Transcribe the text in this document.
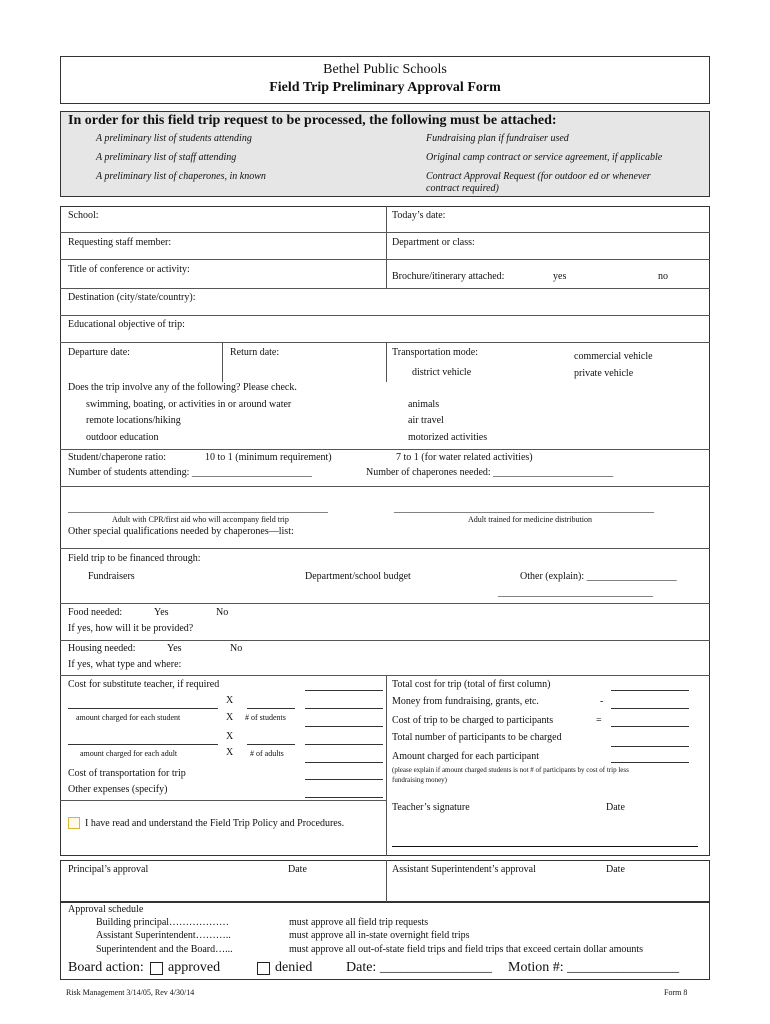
Bethel Public Schools
Field Trip Preliminary Approval Form
In order for this field trip request to be processed, the following must be attached:
A preliminary list of students attending
A preliminary list of staff attending
A preliminary list of chaperones, in known
Fundraising plan if fundraiser used
Original camp contract or service agreement, if applicable
Contract Approval Request (for outdoor ed or whenever
contract required)
School:	Today’s date:
Requesting staff member:	Department or class:
Title of conference or activity:
Brochure/itinerary attached:	yes	no
Destination (city/state/country):
Educational objective of trip:
Departure date:	Return date:	Transportation mode:	commercial vehicle
district vehicle	private vehicle
Does the trip involve any of the following? Please check.
swimming, boating, or activities in or around water
remote locations/hiking
outdoor education
animals
air travel
motorized activities
Student/chaperone ratio:	10 to 1 (minimum requirement)	7 to 1 (for water related activities)
Number of students attending: ________________________	Number of chaperones needed: ________________________
____________________________________________________	____________________________________________________
Adult with CPR/first aid who will accompany field trip	Adult trained for medicine distribution
Other special qualifications needed by chaperones—list:
Field trip to be financed through:
Fundraisers	Department/school budget	Other (explain): __________________
_______________________________
Food needed:	Yes	No
If yes, how will it be provided?
Housing needed:	Yes	No
If yes, what type and where:
Cost for substitute teacher, if required
X
amount charged for each student	X # of students
X
amount charged for each adult	X # of adults
Cost of transportation for trip
Other expenses (specify)
Total cost for trip (total of first column)
Money from fundraising, grants, etc.	-
Cost of trip to be charged to participants	=
Total number of participants to be charged
Amount charged for each participant
(please explain if amount charged students is not # of participants by cost of trip less
fundraising money)
Teacher’s signature	Date
I have read and understand the Field Trip Policy and Procedures.
Principal’s approval	Date	Assistant Superintendent’s approval	Date
Approval schedule
Building principal………………	must approve all field trip requests
Assistant Superintendent………..	must approve all in-state overnight field trips
Superintendent and the Board…...	must approve all out-of-state field trips and field trips that exceed certain dollar amounts
Board action: approved	denied Date: ________________ Motion #: ________________
Risk Management 3/14/05, Rev 4/30/14	Form 8
